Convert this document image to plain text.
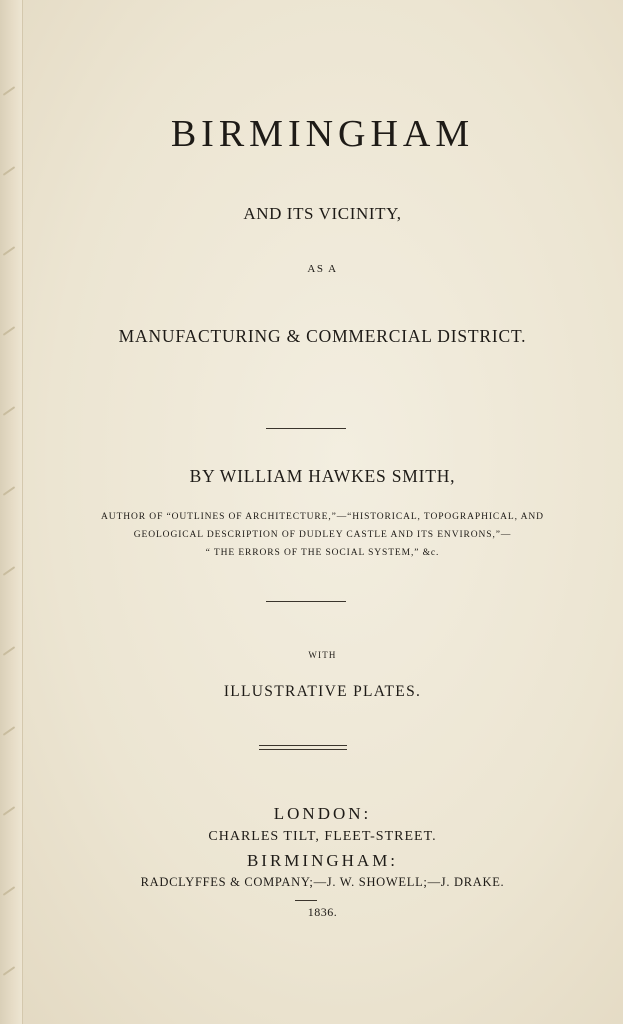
BIRMINGHAM
AND ITS VICINITY,
AS A
MANUFACTURING & COMMERCIAL DISTRICT.
BY WILLIAM HAWKES SMITH,
AUTHOR OF “OUTLINES OF ARCHITECTURE,”—“HISTORICAL, TOPOGRAPHICAL, AND
GEOLOGICAL DESCRIPTION OF DUDLEY CASTLE AND ITS ENVIRONS,”—
“ THE ERRORS OF THE SOCIAL SYSTEM,” &c.
WITH
ILLUSTRATIVE PLATES.
LONDON:
CHARLES TILT, FLEET-STREET.
BIRMINGHAM:
RADCLYFFES & COMPANY;—J. W. SHOWELL;—J. DRAKE.
1836.
